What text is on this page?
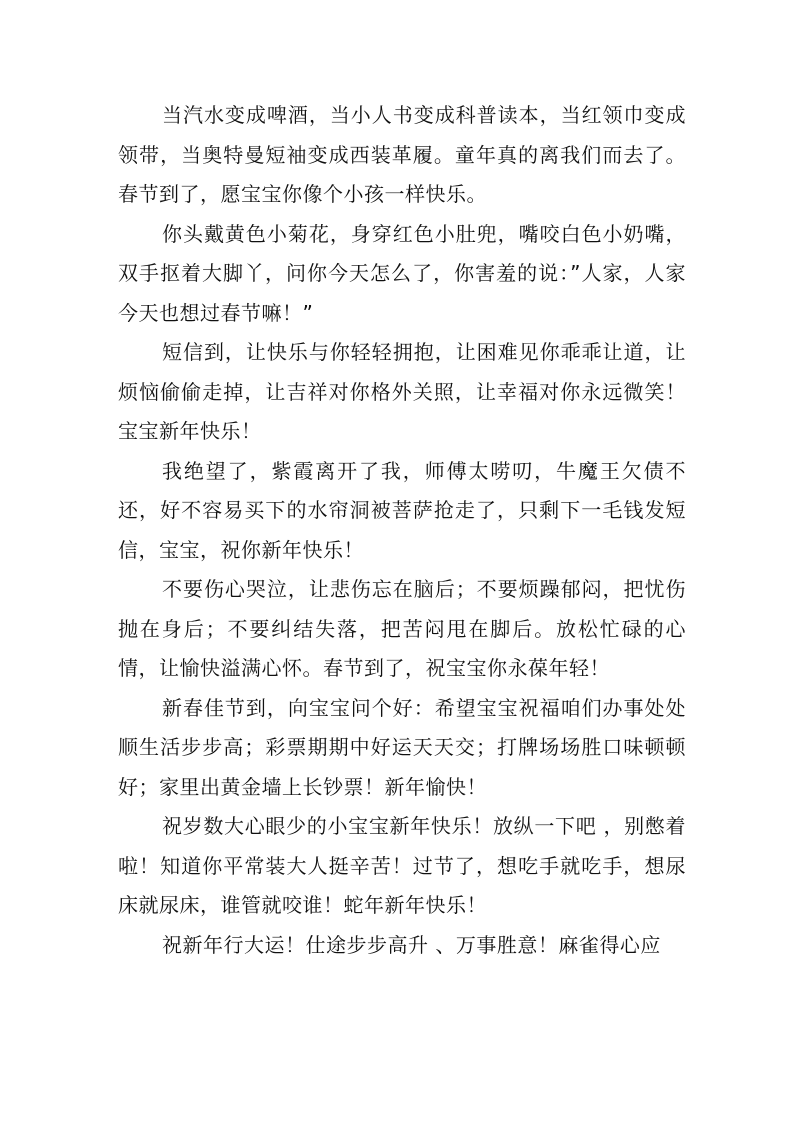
当汽水变成啤酒，当小人书变成科普读本，当红领巾变成领带，当奥特曼短袖变成西装革履。童年真的离我们而去了。春节到了，愿宝宝你像个小孩一样快乐。

你头戴黄色小菊花，身穿红色小肚兜，嘴咬白色小奶嘴，双手抠着大脚丫，问你今天怎么了，你害羞的说：”人家，人家今天也想过春节嘛！”

短信到，让快乐与你轻轻拥抱，让困难见你乖乖让道，让烦恼偷偷走掉，让吉祥对你格外关照，让幸福对你永远微笑！宝宝新年快乐！

我绝望了，紫霞离开了我，师傅太唠叨，牛魔王欠债不还，好不容易买下的水帘洞被菩萨抢走了，只剩下一毛钱发短信，宝宝，祝你新年快乐！

不要伤心哭泣，让悲伤忘在脑后；不要烦躁郁闷，把忧伤抛在身后；不要纠结失落，把苦闷甩在脚后。放松忙碌的心情，让愉快溢满心怀。春节到了，祝宝宝你永葆年轻！

新春佳节到，向宝宝问个好：希望宝宝祝福咱们办事处处顺生活步步高；彩票期期中好运天天交；打牌场场胜口味顿顿好；家里出黄金墙上长钞票！新年愉快！

祝岁数大心眼少的小宝宝新年快乐！放纵一下吧 ，别憋着啦！知道你平常装大人挺辛苦！过节了，想吃手就吃手，想尿床就尿床，谁管就咬谁！蛇年新年快乐！

祝新年行大运！仕途步步高升 、万事胜意！麻雀得心应
